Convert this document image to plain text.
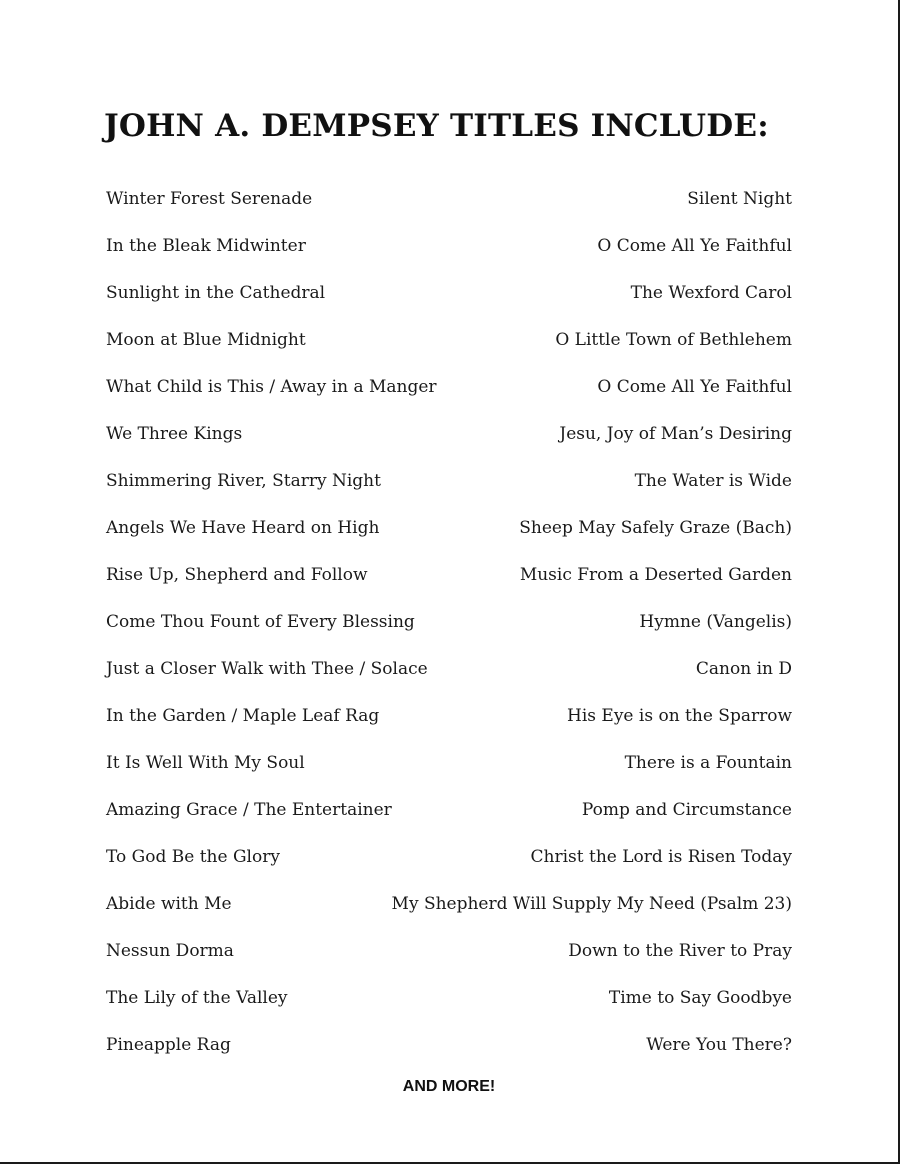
JOHN A. DEMPSEY TITLES INCLUDE:
Winter Forest Serenade	Silent Night
In the Bleak Midwinter	O Come All Ye Faithful
Sunlight in the Cathedral	The Wexford Carol
Moon at Blue Midnight	O Little Town of Bethlehem
What Child is This / Away in a Manger	O Come All Ye Faithful
We Three Kings	Jesu, Joy of Man’s Desiring
Shimmering River, Starry Night	The Water is Wide
Angels We Have Heard on High	Sheep May Safely Graze (Bach)
Rise Up, Shepherd and Follow	Music From a Deserted Garden
Come Thou Fount of Every Blessing	Hymne (Vangelis)
Just a Closer Walk with Thee / Solace	Canon in D
In the Garden / Maple Leaf Rag	His Eye is on the Sparrow
It Is Well With My Soul	There is a Fountain
Amazing Grace / The Entertainer	Pomp and Circumstance
To God Be the Glory	Christ the Lord is Risen Today
Abide with Me	My Shepherd Will Supply My Need (Psalm 23)
Nessun Dorma	Down to the River to Pray
The Lily of the Valley	Time to Say Goodbye
Pineapple Rag	Were You There?
AND MORE!
